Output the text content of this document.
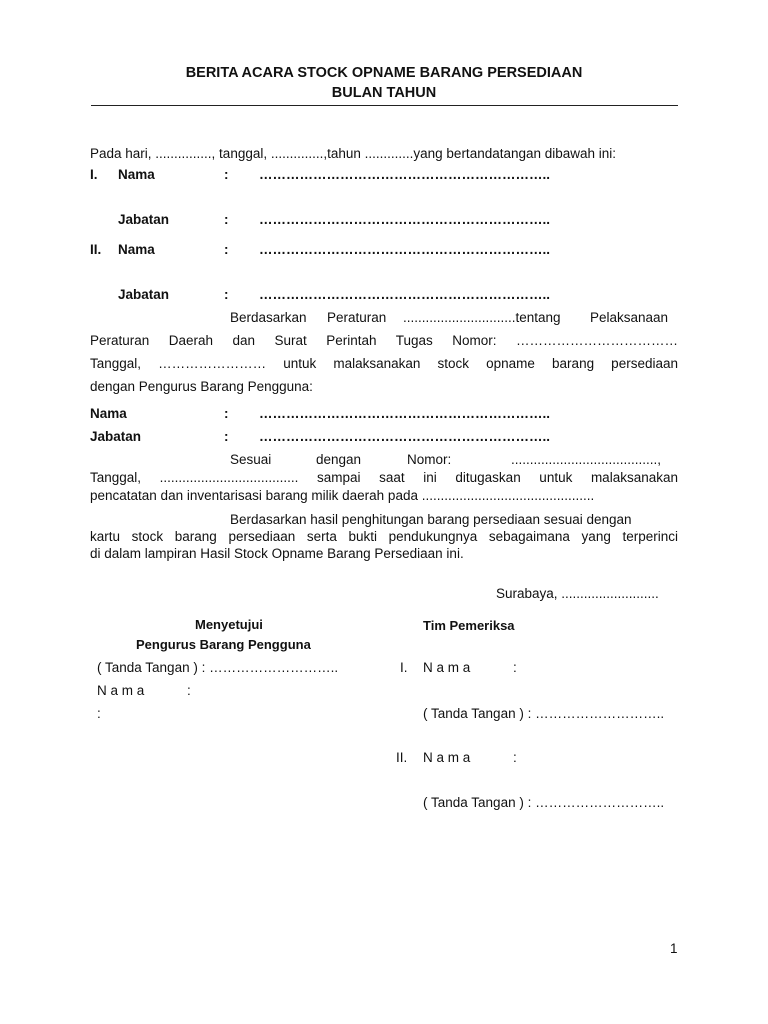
BERITA ACARA STOCK OPNAME BARANG PERSEDIAAN
BULAN TAHUN
Pada hari, ..............., tanggal, ..............,tahun .............yang bertandatangan dibawah ini:
I. Nama	: ………………………………………………………..
Jabatan	: ………………………………………………………..
II. Nama	: ………………………………………………………..
Jabatan	: ………………………………………………………..
Berdasarkan Peraturan ..............................tentang Pelaksanaan
Peraturan Daerah dan Surat Perintah Tugas Nomor: ………………………………
Tanggal, …………………… untuk malaksanakan stock opname barang persediaan
dengan Pengurus Barang Pengguna:
Nama	: ………………………………………………………..
Jabatan	: ………………………………………………………..
Sesuai	dengan	Nomor:	.......................................,
Tanggal, ..................................... sampai saat ini ditugaskan untuk malaksanakan
pencatatan dan inventarisasi barang milik daerah pada ..............................................
Berdasarkan hasil penghitungan barang persediaan sesuai dengan
kartu stock barang persediaan serta bukti pendukungnya sebagaimana yang terperinci
di dalam lampiran Hasil Stock Opname Barang Persediaan ini.
Surabaya, ..........................
Menyetujui
Pengurus Barang Pengguna
( Tanda Tangan ) : ………………………..
N a m a	:
:
Tim Pemeriksa
I. N a m a	:
( Tanda Tangan ) : ………………………..
II. N a m a	:
( Tanda Tangan ) : ………………………..
1
